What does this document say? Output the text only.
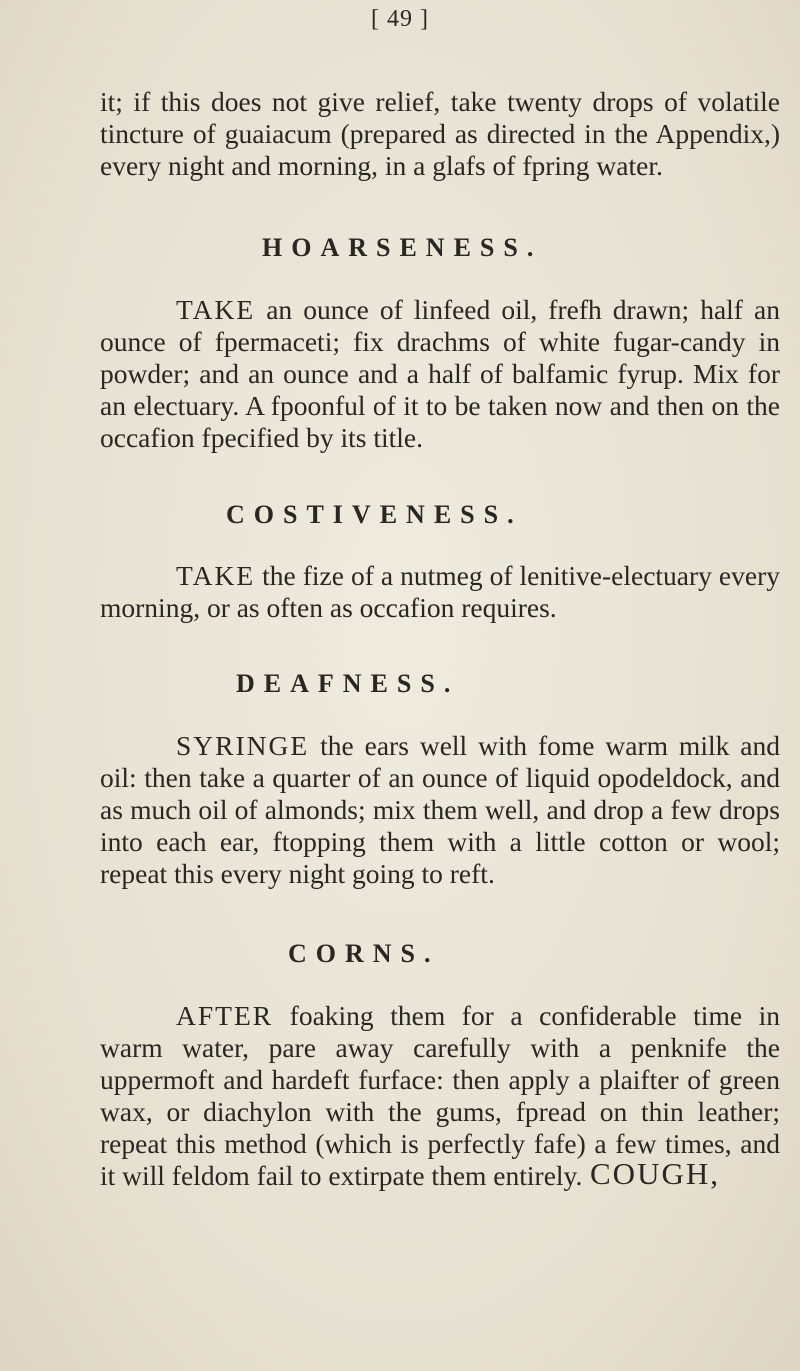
[ 49 ]

it; if this does not give relief, take twenty drops of volatile tincture of guaiacum (prepared as directed in the Appendix,) every night and morning, in a glafs of fpring water.

HOARSENESS.

TAKE an ounce of linfeed oil, frefh drawn; half an ounce of fpermaceti; fix drachms of white fugar-candy in powder; and an ounce and a half of balfamic fyrup. Mix for an electuary. A fpoonful of it to be taken now and then on the occafion fpecified by its title.

COSTIVENESS.

TAKE the fize of a nutmeg of lenitive-electuary every morning, or as often as occafion requires.

DEAFNESS.

SYRINGE the ears well with fome warm milk and oil: then take a quarter of an ounce of liquid opodeldock, and as much oil of almonds; mix them well, and drop a few drops into each ear, ftopping them with a little cotton or wool; repeat this every night going to reft.

CORNS.

AFTER foaking them for a confiderable time in warm water, pare away carefully with a penknife the uppermoft and hardeft furface: then apply a plaifter of green wax, or diachylon with the gums, fpread on thin leather; repeat this method (which is perfectly fafe) a few times, and it will feldom fail to extirpate them entirely. COUGH,
